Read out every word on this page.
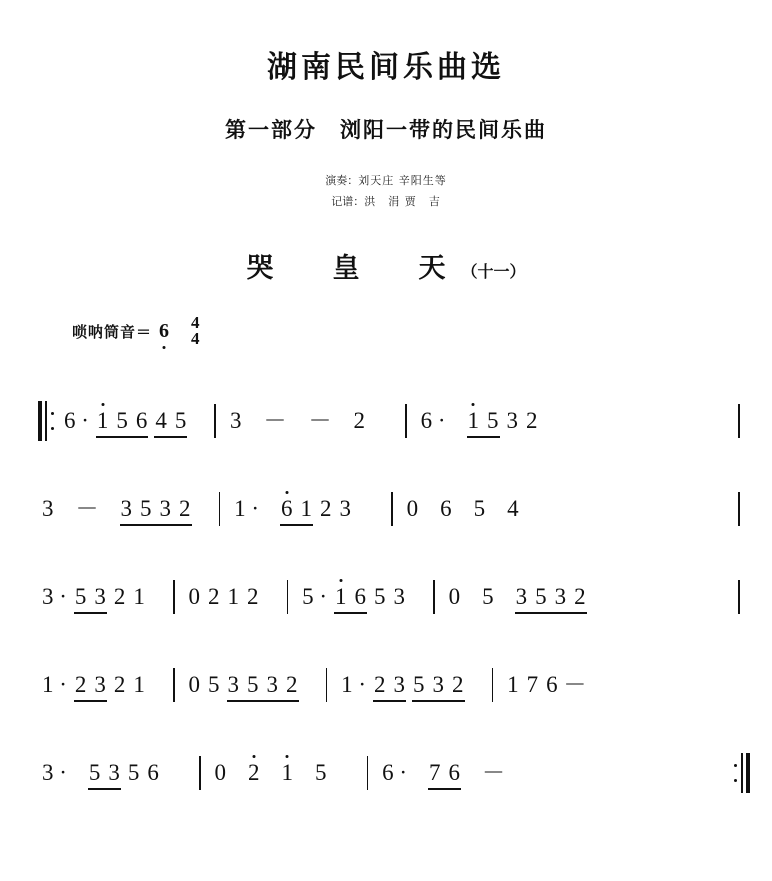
湖南民间乐曲选
第一部分　浏阳一带的民间乐曲
演奏：刘天庄 辛阳生等
记谱：洪　涓 贾　吉
哭　皇　天（十一）
唢呐筒音＝ 6 4
4
6 · 1 5 6 4 5 3 － － 2 6 · 1 5 3 2
3 － 3 5 3 2 1 · 6 1 2 3 0 6 5 4
3 · 5 3 2 1 0 2 1 2 5 · 1 6 5 3 0 5 3 5 3 2
1 · 2 3 2 1 0 5 3 5 3 2 1 · 2 3 5 3 2 1 7 6 －
3 · 5 3 5 6 0 2 1 5 6 · 7 6 －
